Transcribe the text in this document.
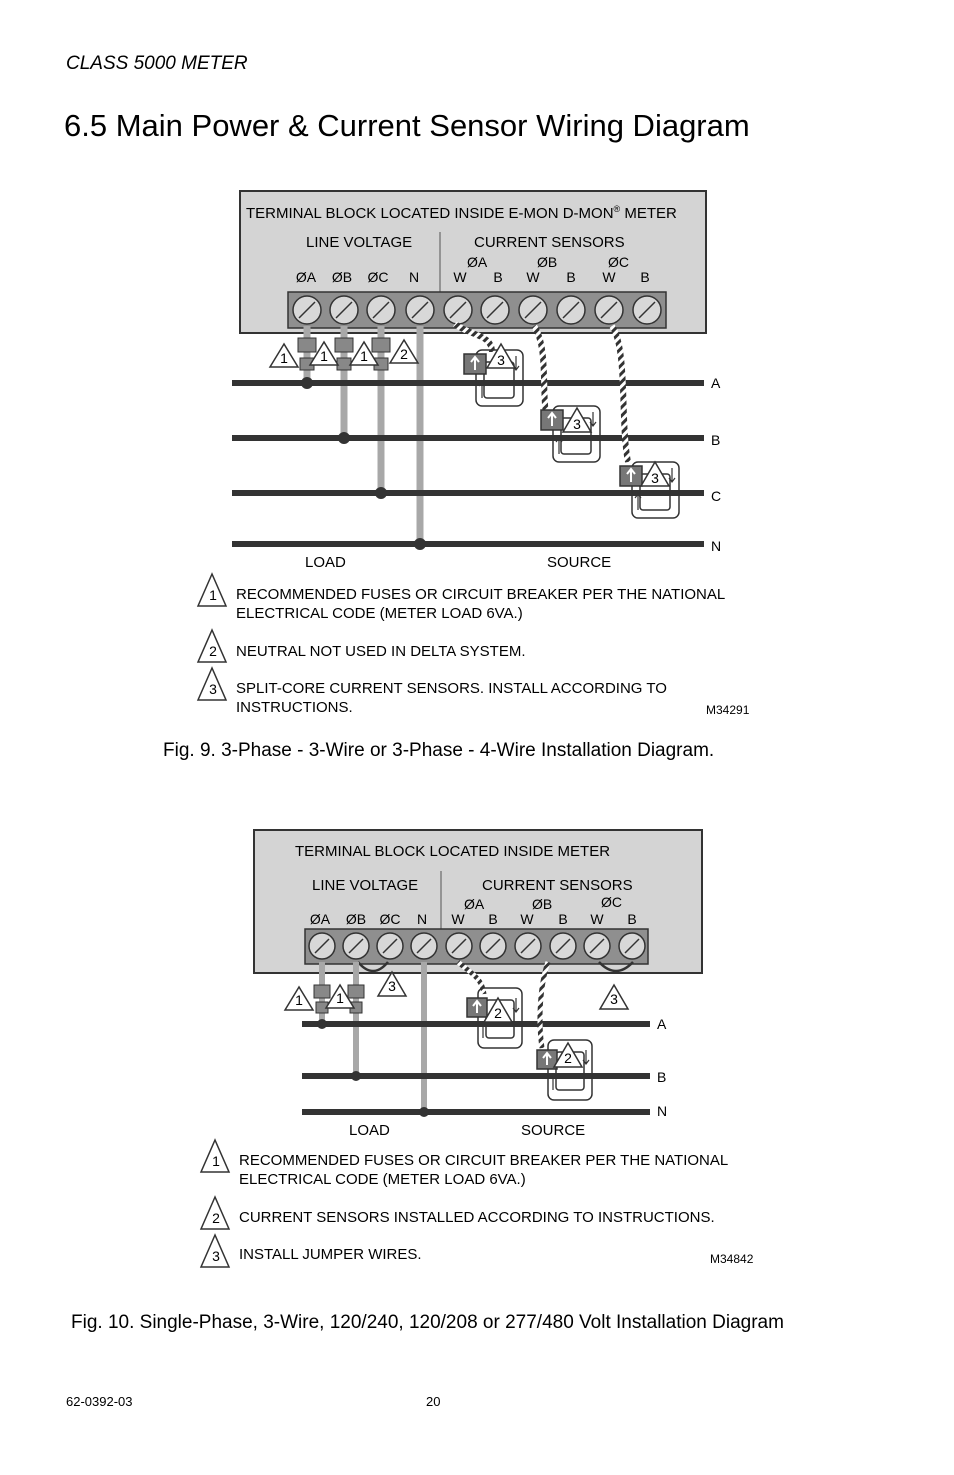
CLASS 5000 METER
6.5 Main Power & Current Sensor Wiring Diagram
TERMINAL BLOCK LOCATED INSIDE E-MON D-MON® METER
LINE VOLTAGE	CURRENT SENSORS
ØA	ØB	ØC
ØA ØB ØC N W B W B W B
1 1 1 2	3
3
3
A
B
C
N
LOAD	SOURCE
1
2
3
RECOMMENDED FUSES OR CIRCUIT BREAKER PER THE NATIONAL
ELECTRICAL CODE (METER LOAD 6VA.)
NEUTRAL NOT USED IN DELTA SYSTEM.
SPLIT-CORE CURRENT SENSORS. INSTALL ACCORDING TO
INSTRUCTIONS.	M34291
TERMINAL BLOCK LOCATED INSIDE METER
LINE VOLTAGE	CURRENT SENSORS
ØA	ØB	ØC
ØA ØB ØC N W B W B W B
1 1
3
2
2
3
A
B
N
LOAD	SOURCE
1
2
3
RECOMMENDED FUSES OR CIRCUIT BREAKER PER THE NATIONAL
ELECTRICAL CODE (METER LOAD 6VA.)
CURRENT SENSORS INSTALLED ACCORDING TO INSTRUCTIONS.
INSTALL JUMPER WIRES.	M34842
Fig. 9. 3-Phase - 3-Wire or 3-Phase - 4-Wire Installation Diagram.
Fig. 10. Single-Phase, 3-Wire, 120/240, 120/208 or 277/480 Volt Installation Diagram
62-0392-03	20
